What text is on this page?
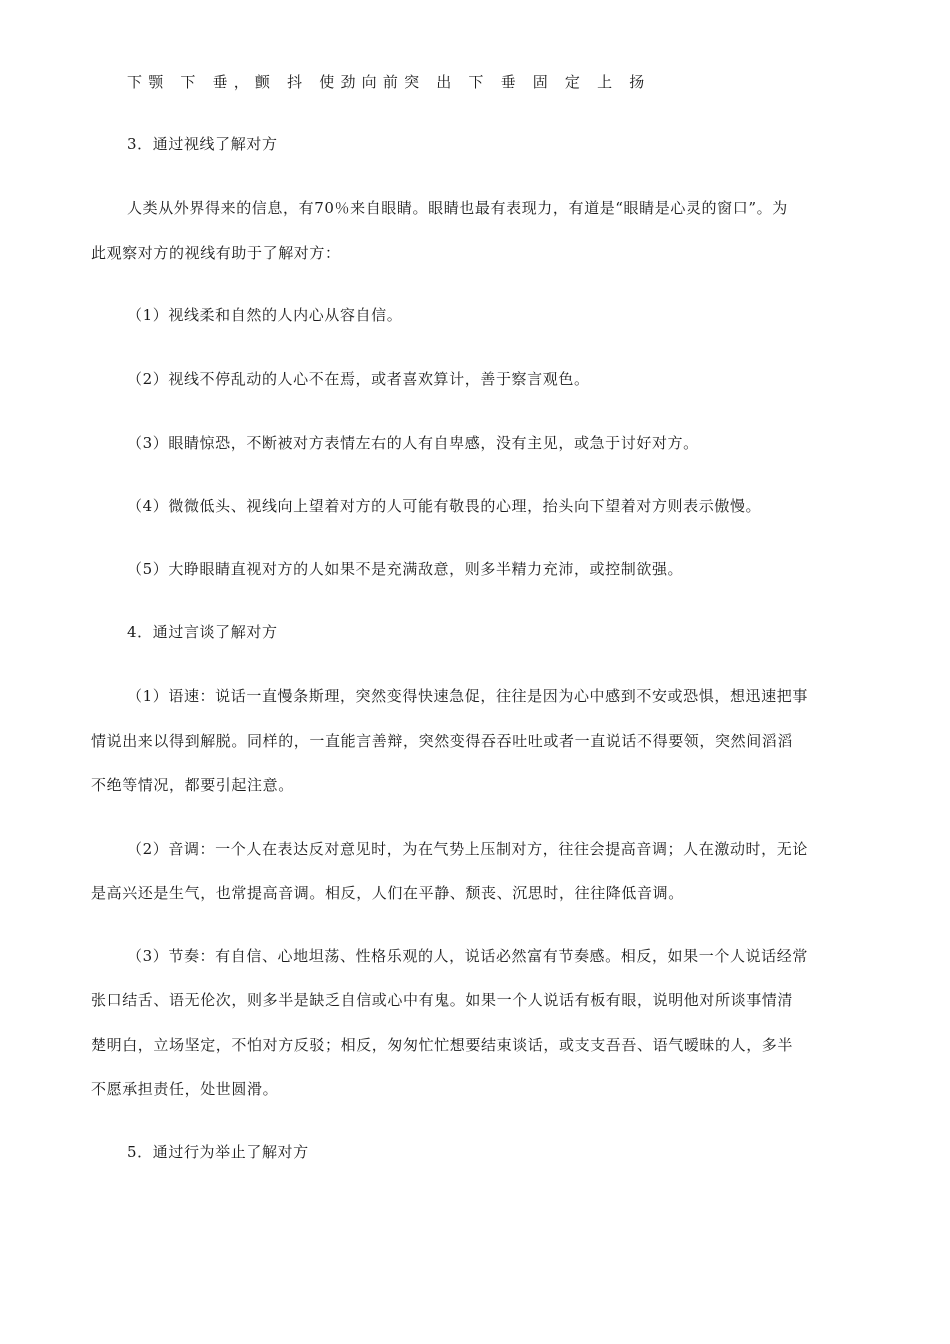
下颚 下 垂，颤 抖 使劲向前突 出 下 垂 固 定 上 扬
3．通过视线了解对方
人类从外界得来的信息，有70％来自眼睛。眼睛也最有表现力，有道是“眼睛是心灵的窗口”。为
此观察对方的视线有助于了解对方：
（1）视线柔和自然的人内心从容自信。
（2）视线不停乱动的人心不在焉，或者喜欢算计，善于察言观色。
（3）眼睛惊恐，不断被对方表情左右的人有自卑感，没有主见，或急于讨好对方。
（4）微微低头、视线向上望着对方的人可能有敬畏的心理，抬头向下望着对方则表示傲慢。
（5）大睁眼睛直视对方的人如果不是充满敌意，则多半精力充沛，或控制欲强。
4．通过言谈了解对方
（1）语速：说话一直慢条斯理，突然变得快速急促，往往是因为心中感到不安或恐惧，想迅速把事
情说出来以得到解脱。同样的，一直能言善辩，突然变得吞吞吐吐或者一直说话不得要领，突然间滔滔
不绝等情况，都要引起注意。
（2）音调：一个人在表达反对意见时，为在气势上压制对方，往往会提高音调；人在激动时，无论
是高兴还是生气，也常提高音调。相反，人们在平静、颓丧、沉思时，往往降低音调。
（3）节奏：有自信、心地坦荡、性格乐观的人，说话必然富有节奏感。相反，如果一个人说话经常
张口结舌、语无伦次，则多半是缺乏自信或心中有鬼。如果一个人说话有板有眼，说明他对所谈事情清
楚明白，立场坚定，不怕对方反驳；相反，匆匆忙忙想要结束谈话，或支支吾吾、语气暧昧的人，多半
不愿承担责任，处世圆滑。
5．通过行为举止了解对方
